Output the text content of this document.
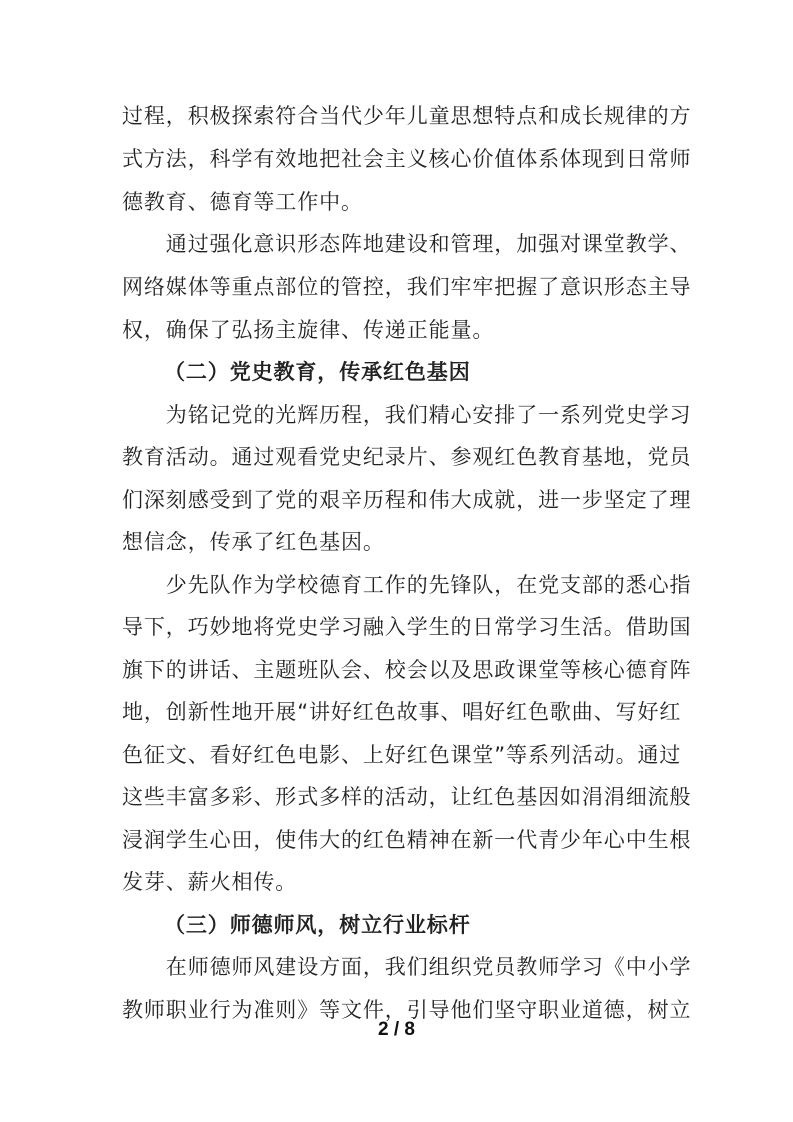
过程，积极探索符合当代少年儿童思想特点和成长规律的方
式方法，科学有效地把社会主义核心价值体系体现到日常师
德教育、德育等工作中。
　　通过强化意识形态阵地建设和管理，加强对课堂教学、
网络媒体等重点部位的管控，我们牢牢把握了意识形态主导
权，确保了弘扬主旋律、传递正能量。
（二）党史教育，传承红色基因
　　为铭记党的光辉历程，我们精心安排了一系列党史学习
教育活动。通过观看党史纪录片、参观红色教育基地，党员
们深刻感受到了党的艰辛历程和伟大成就，进一步坚定了理
想信念，传承了红色基因。
　　少先队作为学校德育工作的先锋队，在党支部的悉心指
导下，巧妙地将党史学习融入学生的日常学习生活。借助国
旗下的讲话、主题班队会、校会以及思政课堂等核心德育阵
地，创新性地开展“讲好红色故事、唱好红色歌曲、写好红
色征文、看好红色电影、上好红色课堂”等系列活动。通过
这些丰富多彩、形式多样的活动，让红色基因如涓涓细流般
浸润学生心田，使伟大的红色精神在新一代青少年心中生根
发芽、薪火相传。
（三）师德师风，树立行业标杆
　　在师德师风建设方面，我们组织党员教师学习《中小学
教师职业行为准则》等文件，引导他们坚守职业道德，树立
2 / 8
